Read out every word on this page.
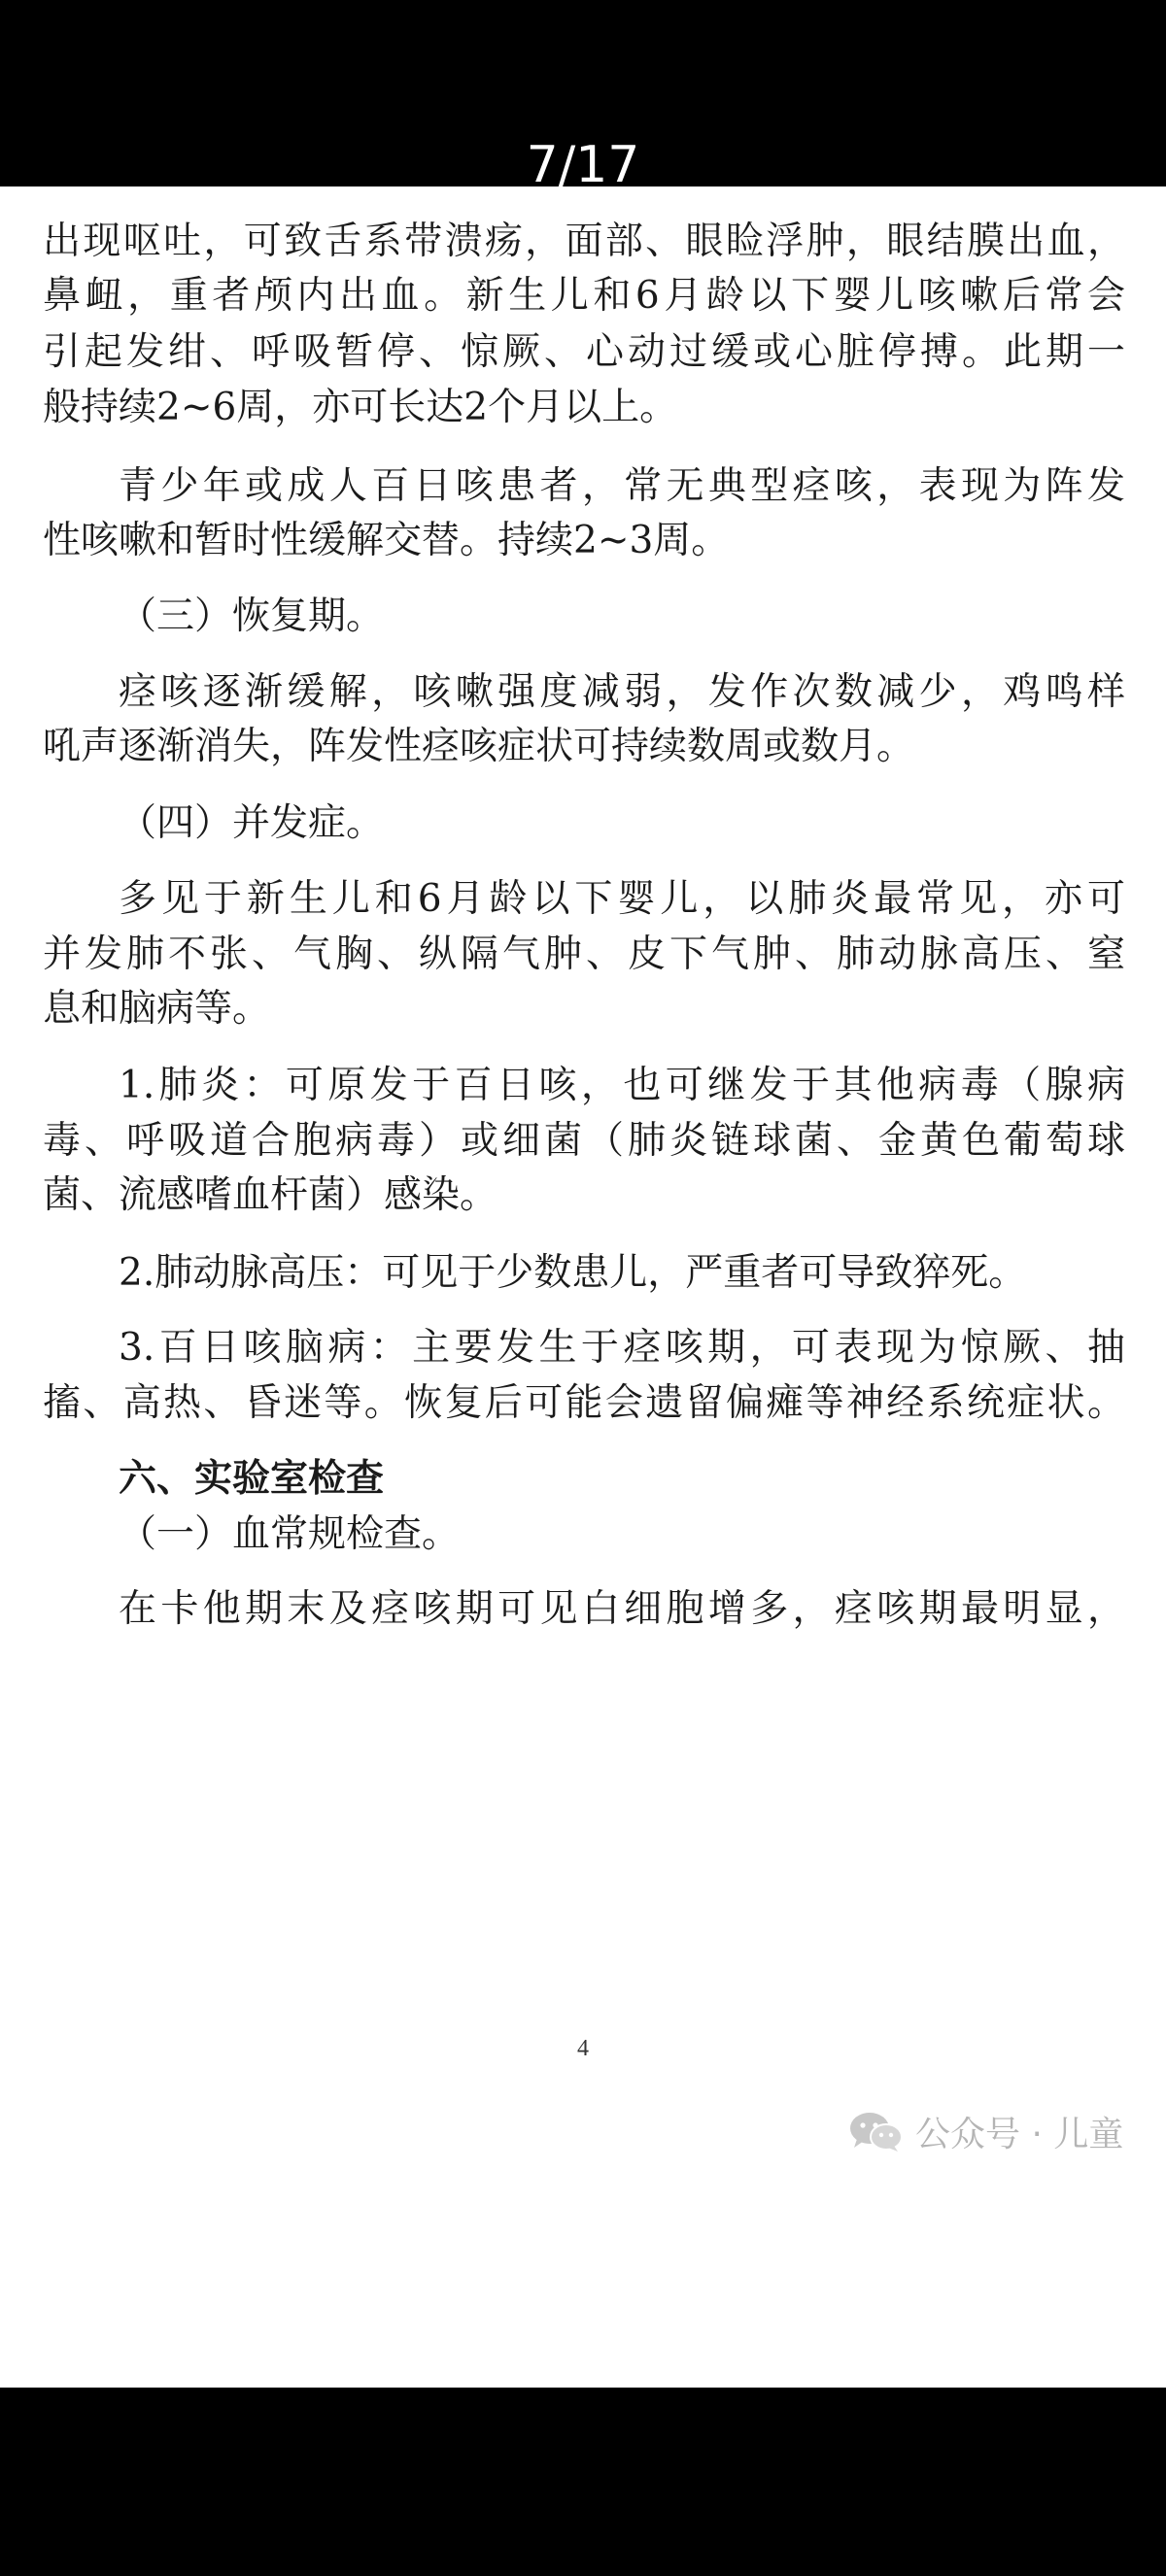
7/17

出现呕吐，可致舌系带溃疡，面部、眼睑浮肿，眼结膜出血，

鼻衄，重者颅内出血。新生儿和6月龄以下婴儿咳嗽后常会

引起发绀、呼吸暂停、惊厥、心动过缓或心脏停搏。此期一

般持续2~6周，亦可长达2个月以上。

青少年或成人百日咳患者，常无典型痉咳，表现为阵发

性咳嗽和暂时性缓解交替。持续2~3周。

（三）恢复期。

痉咳逐渐缓解，咳嗽强度减弱，发作次数减少，鸡鸣样

吼声逐渐消失，阵发性痉咳症状可持续数周或数月。

（四）并发症。

多见于新生儿和6月龄以下婴儿，以肺炎最常见，亦可

并发肺不张、气胸、纵隔气肿、皮下气肿、肺动脉高压、窒

息和脑病等。

1.肺炎：可原发于百日咳，也可继发于其他病毒（腺病

毒、呼吸道合胞病毒）或细菌（肺炎链球菌、金黄色葡萄球

菌、流感嗜血杆菌）感染。

2.肺动脉高压：可见于少数患儿，严重者可导致猝死。

3.百日咳脑病：主要发生于痉咳期，可表现为惊厥、抽

搐、高热、昏迷等。恢复后可能会遗留偏瘫等神经系统症状。

六、实验室检查

（一）血常规检查。

在卡他期末及痉咳期可见白细胞增多，痉咳期最明显，

4
公众号 · 儿童
